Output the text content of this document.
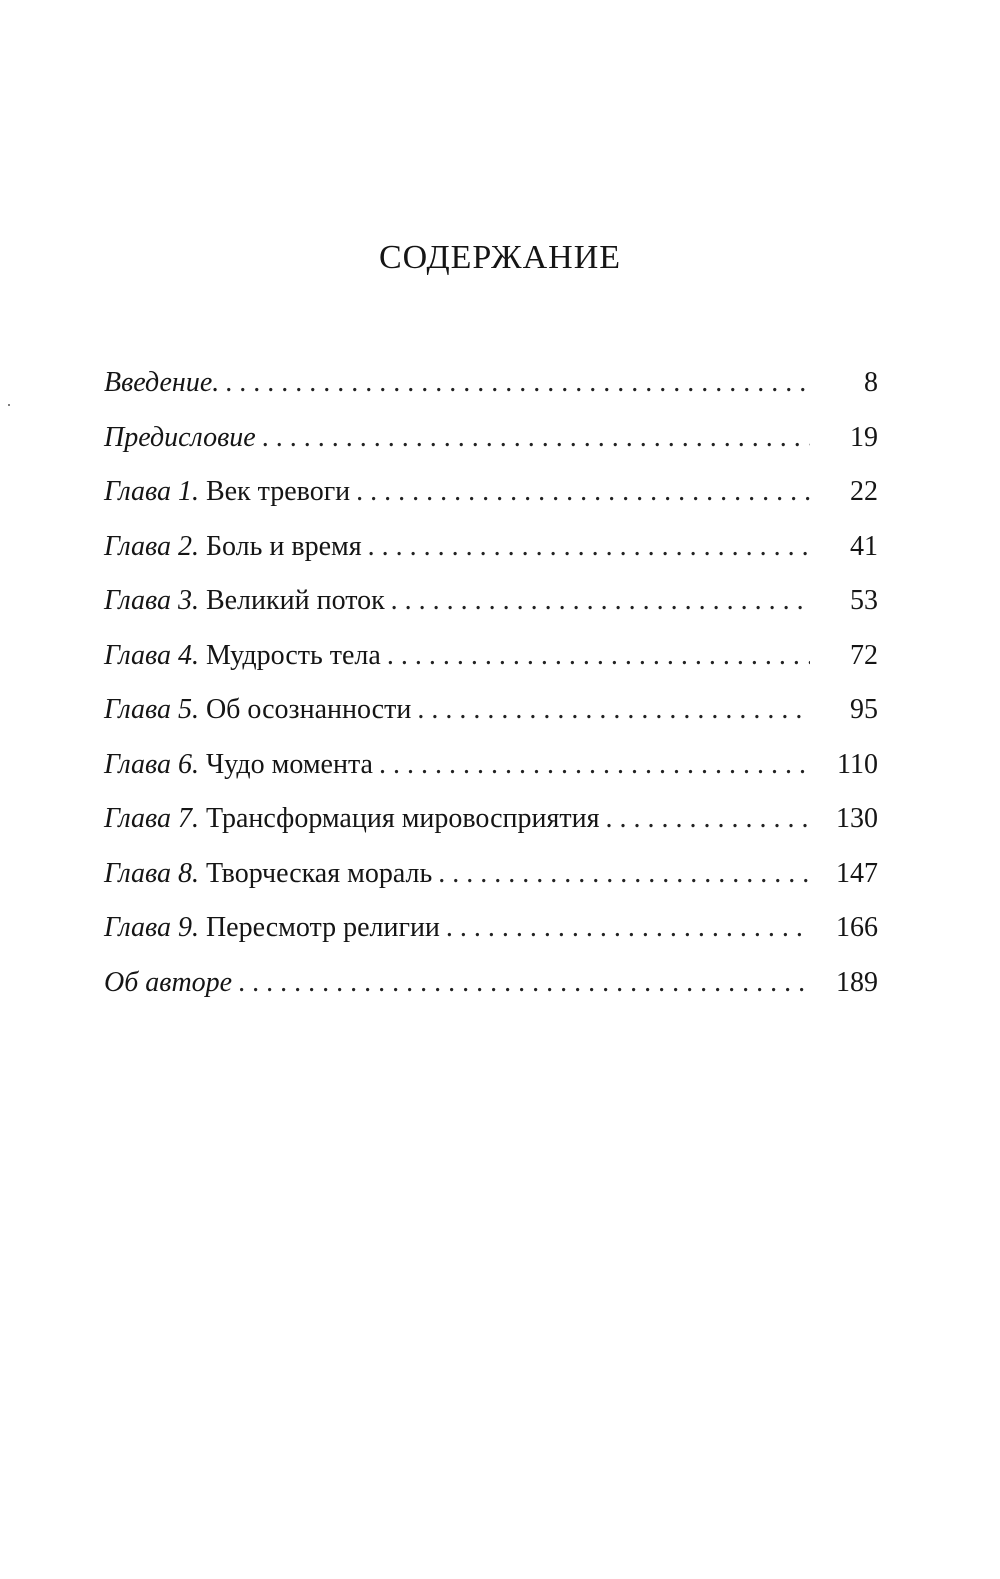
СОДЕРЖАНИЕ
Введение. . . .	8
Предисловие . . .	19
Глава 1. Век тревоги . . .	22
Глава 2. Боль и время . . .	41
Глава 3. Великий поток . . .	53
Глава 4. Мудрость тела . . .	72
Глава 5. Об осознанности . . .	95
Глава 6. Чудо момента . . .	110
Глава 7. Трансформация мировосприятия . . .	130
Глава 8. Творческая мораль . . .	147
Глава 9. Пересмотр религии . . .	166
Об авторе . . .	189
